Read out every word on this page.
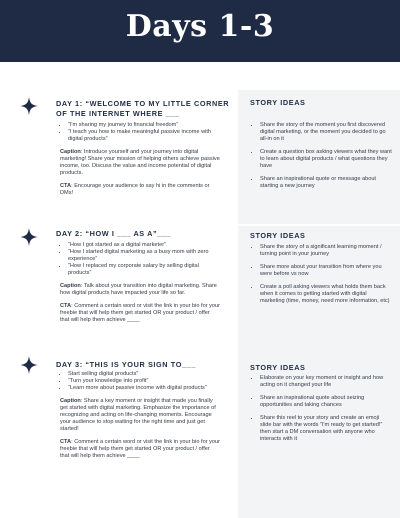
Days 1-3
DAY 1: “WELCOME TO MY LITTLE CORNER
OF THE INTERNET WHERE ___
• “I'm sharing my journey to financial freedom”
• “I teach you how to make meaningful passive income with digital products”

Caption: Introduce yourself and your journey into digital marketing! Share your mission of helping others achieve passive income, too. Discuss the value and income potential of digital products.

CTA: Encourage your audience to say hi in the comments or DMs!

STORY IDEAS
• Share the story of the moment you first discovered digital marketing, or the moment you decided to go all-in on it
• Create a question box asking viewers what they want to learn about digital products / what questions they have
• Share an inspirational quote or message about starting a new journey
DAY 2: “HOW I ___ AS A”___
• “How I got started as a digital marketer”
• “How I started digital marketing as a busy mom with zero experience”
• “How I replaced my corporate salary by selling digital products”

Caption: Talk about your transition into digital marketing. Share how digital products have impacted your life so far.

CTA: Comment a certain word or visit the link in your bio for your freebie that will help them get started OR your product / offer that will help them achieve ____

STORY IDEAS
• Share the story of a significant learning moment / turning point in your journey
• Share more about your transition from where you were before vs now
• Create a poll asking viewers what holds them back when it comes to getting started with digital marketing (time, money, need more information, etc)
DAY 3: “THIS IS YOUR SIGN TO___
• Start selling digital products”
• “Turn your knowledge into profit”
• “Learn more about passive income with digital products”

Caption: Share a key moment or insight that made you finally get started with digital marketing. Emphasize the importance of recognizing and acting on life-changing moments. Encourage your audience to stop waiting for the right time and just get started!

CTA: Comment a certain word or visit the link in your bio for your freebie that will help them get started OR your product / offer that will help them achieve ____

STORY IDEAS
• Elaborate on your key moment or insight and how acting on it changed your life
• Share an inspirational quote about seizing opportunities and taking chances
• Share this reel to your story and create an emoji slide bar with the words “I'm ready to get started!” then start a DM conversation with anyone who interacts with it
